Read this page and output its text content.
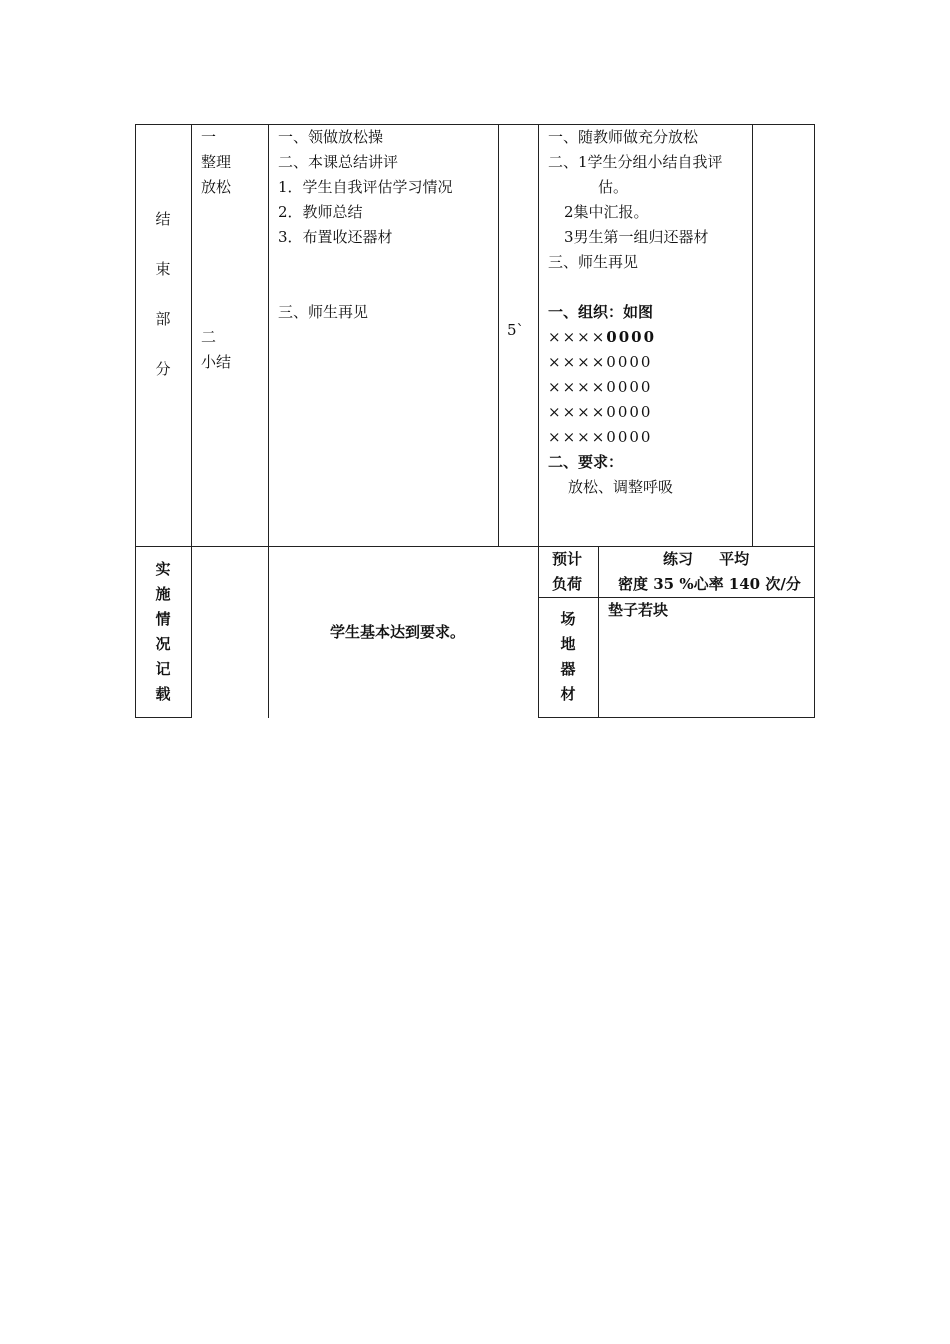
结
束
部
分
一
整理
放松
二
小结
一、领做放松操
二、本课总结讲评
1．学生自我评估学习情况
2．教师总结
3．布置收还器材
三、师生再见
5`
一、随教师做充分放松
二、1学生分组小结自我评
估。
2集中汇报。
3男生第一组归还器材
三、师生再见
一、组织：如图
××××0000
××××0000
××××0000
××××0000
××××0000
二、要求：
放松、调整呼吸
实
施
情
况
记
载
学生基本达到要求。
预计
负荷
练习     平均
密度 35 %心率 140 次/分
场
地
器
材
垫子若块
